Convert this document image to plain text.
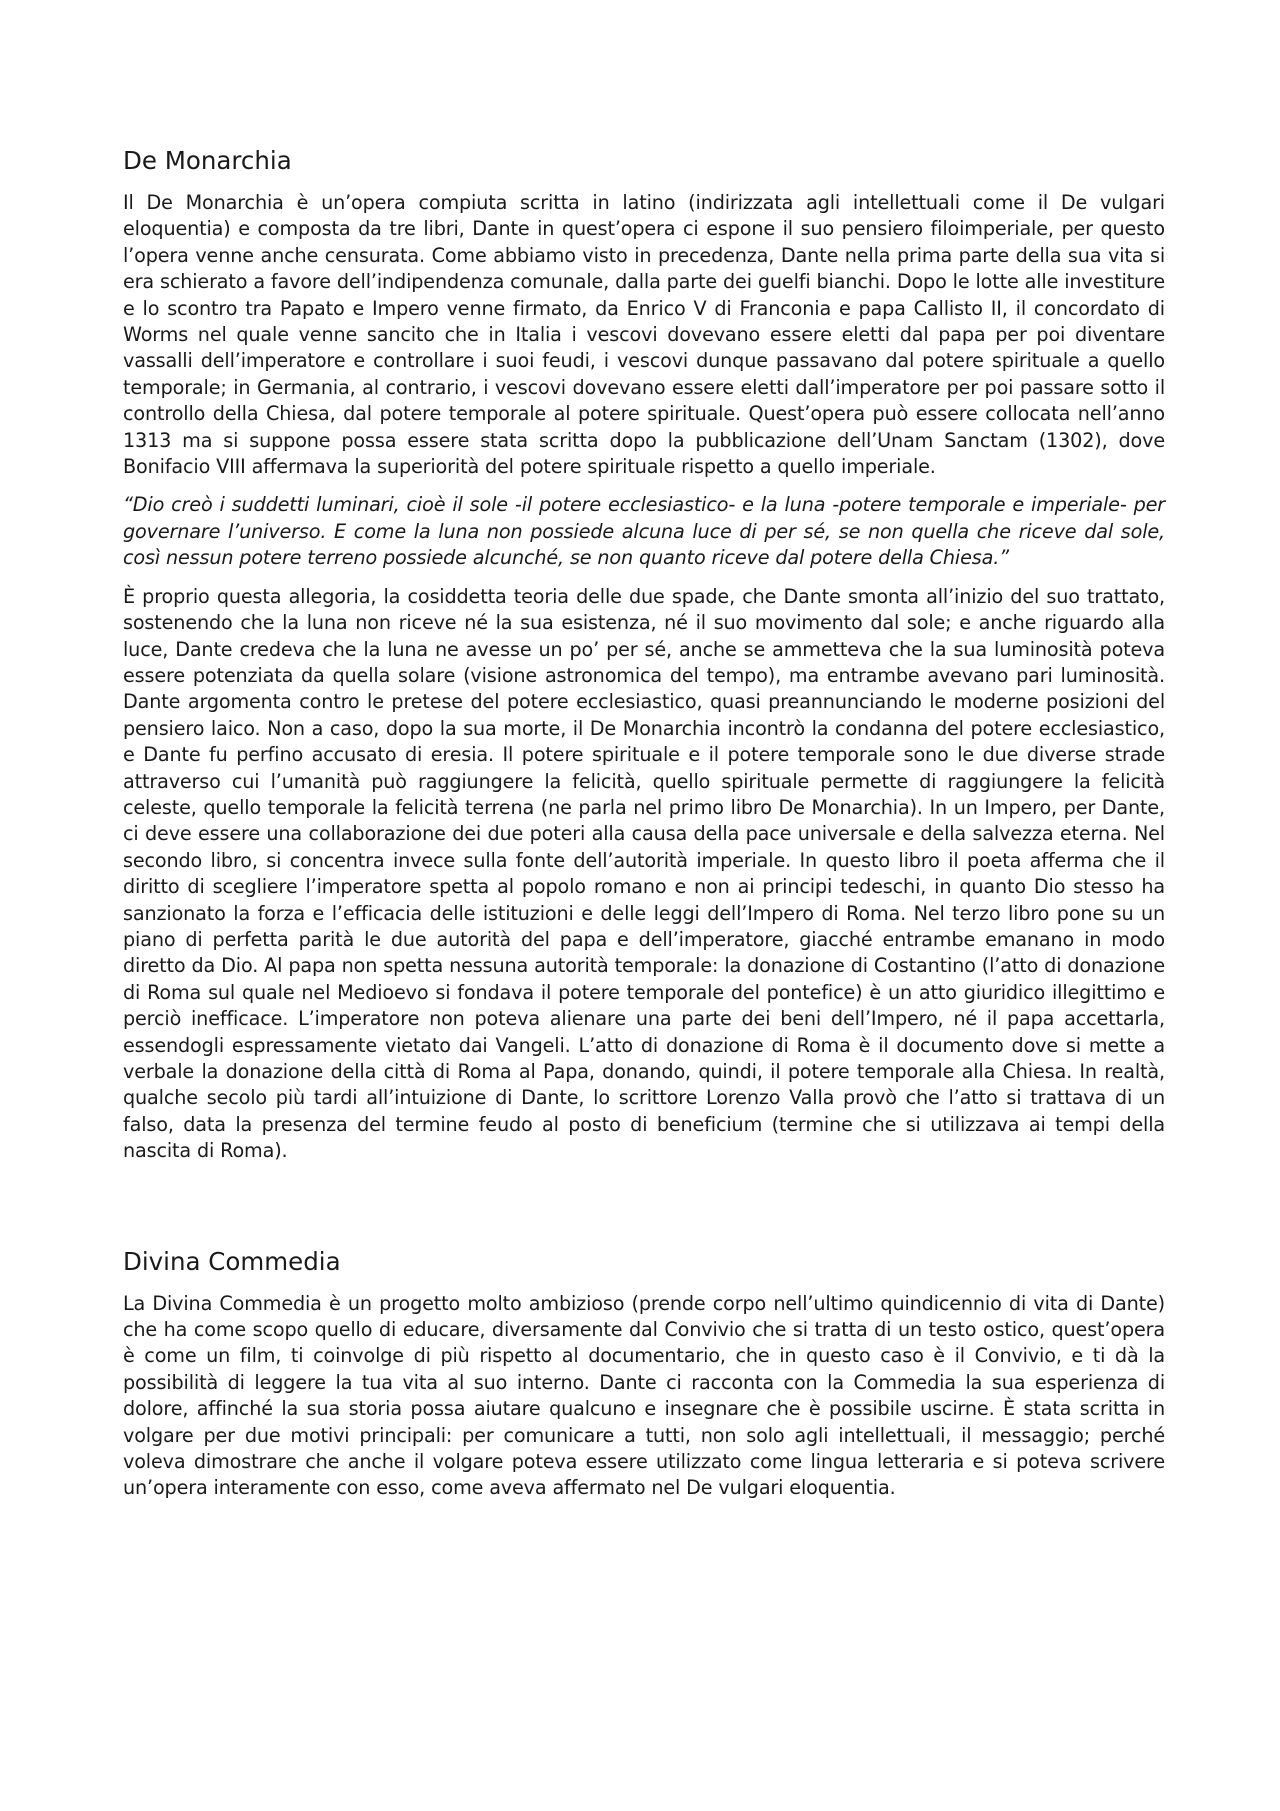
De Monarchia

Il De Monarchia è un’opera compiuta scritta in latino (indirizzata agli intellettuali come il De vulgari eloquentia) e composta da tre libri, Dante in quest’opera ci espone il suo pensiero filoimperiale, per questo l’opera venne anche censurata. Come abbiamo visto in precedenza, Dante nella prima parte della sua vita si era schierato a favore dell’indipendenza comunale, dalla parte dei guelfi bianchi. Dopo le lotte alle investiture e lo scontro tra Papato e Impero venne firmato, da Enrico V di Franconia e papa Callisto II, il concordato di Worms nel quale venne sancito che in Italia i vescovi dovevano essere eletti dal papa per poi diventare vassalli dell’imperatore e controllare i suoi feudi, i vescovi dunque passavano dal potere spirituale a quello temporale; in Germania, al contrario, i vescovi dovevano essere eletti dall’imperatore per poi passare sotto il controllo della Chiesa, dal potere temporale al potere spirituale. Quest’opera può essere collocata nell’anno 1313 ma si suppone possa essere stata scritta dopo la pubblicazione dell’Unam Sanctam (1302), dove Bonifacio VIII affermava la superiorità del potere spirituale rispetto a quello imperiale.

“Dio creò i suddetti luminari, cioè il sole -il potere ecclesiastico- e la luna -potere temporale e imperiale- per governare l’universo. E come la luna non possiede alcuna luce di per sé, se non quella che riceve dal sole, così nessun potere terreno possiede alcunché, se non quanto riceve dal potere della Chiesa.”

È proprio questa allegoria, la cosiddetta teoria delle due spade, che Dante smonta all’inizio del suo trattato, sostenendo che la luna non riceve né la sua esistenza, né il suo movimento dal sole; e anche riguardo alla luce, Dante credeva che la luna ne avesse un po’ per sé, anche se ammetteva che la sua luminosità poteva essere potenziata da quella solare (visione astronomica del tempo), ma entrambe avevano pari luminosità. Dante argomenta contro le pretese del potere ecclesiastico, quasi preannunciando le moderne posizioni del pensiero laico. Non a caso, dopo la sua morte, il De Monarchia incontrò la condanna del potere ecclesiastico, e Dante fu perfino accusato di eresia. Il potere spirituale e il potere temporale sono le due diverse strade attraverso cui l’umanità può raggiungere la felicità, quello spirituale permette di raggiungere la felicità celeste, quello temporale la felicità terrena (ne parla nel primo libro De Monarchia). In un Impero, per Dante, ci deve essere una collaborazione dei due poteri alla causa della pace universale e della salvezza eterna. Nel secondo libro, si concentra invece sulla fonte dell’autorità imperiale. In questo libro il poeta afferma che il diritto di scegliere l’imperatore spetta al popolo romano e non ai principi tedeschi, in quanto Dio stesso ha sanzionato la forza e l’efficacia delle istituzioni e delle leggi dell’Impero di Roma. Nel terzo libro pone su un piano di perfetta parità le due autorità del papa e dell’imperatore, giacché entrambe emanano in modo diretto da Dio. Al papa non spetta nessuna autorità temporale: la donazione di Costantino (l’atto di donazione di Roma sul quale nel Medioevo si fondava il potere temporale del pontefice) è un atto giuridico illegittimo e perciò inefficace. L’imperatore non poteva alienare una parte dei beni dell’Impero, né il papa accettarla, essendogli espressamente vietato dai Vangeli. L’atto di donazione di Roma è il documento dove si mette a verbale la donazione della città di Roma al Papa, donando, quindi, il potere temporale alla Chiesa. In realtà, qualche secolo più tardi all’intuizione di Dante, lo scrittore Lorenzo Valla provò che l’atto si trattava di un falso, data la presenza del termine feudo al posto di beneficium (termine che si utilizzava ai tempi della nascita di Roma).

Divina Commedia

La Divina Commedia è un progetto molto ambizioso (prende corpo nell’ultimo quindicennio di vita di Dante) che ha come scopo quello di educare, diversamente dal Convivio che si tratta di un testo ostico, quest’opera è come un film, ti coinvolge di più rispetto al documentario, che in questo caso è il Convivio, e ti dà la possibilità di leggere la tua vita al suo interno. Dante ci racconta con la Commedia la sua esperienza di dolore, affinché la sua storia possa aiutare qualcuno e insegnare che è possibile uscirne. È stata scritta in volgare per due motivi principali: per comunicare a tutti, non solo agli intellettuali, il messaggio; perché voleva dimostrare che anche il volgare poteva essere utilizzato come lingua letteraria e si poteva scrivere un’opera interamente con esso, come aveva affermato nel De vulgari eloquentia.
